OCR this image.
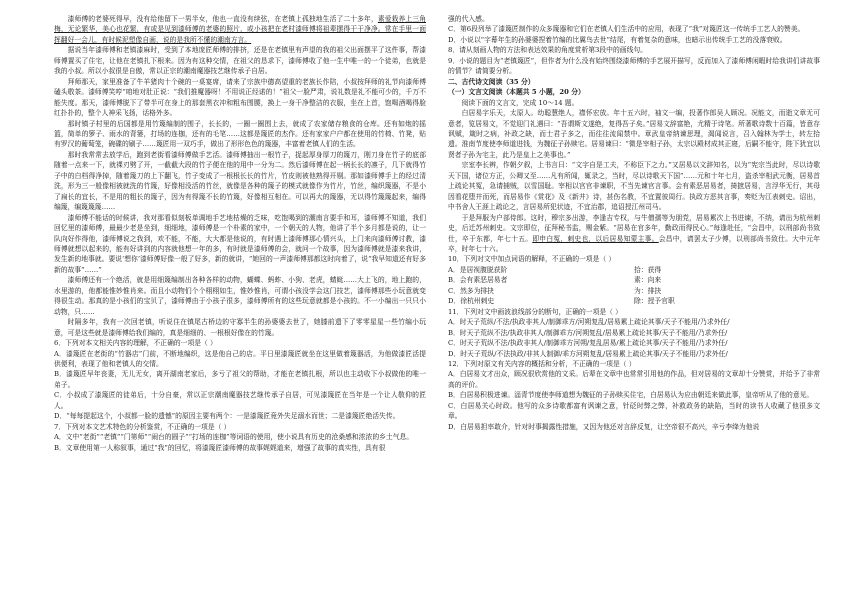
漆师傅的老婆死得早，没有给他留下一男半女，他也一直没有续弦，在老镇上孤独地生活了二十多年，素爱栽养上三角梅，无论繁华，美心也花繁，有或是见到漆师傅的老婆的照片，或小孩把在老村漆师傅将祖辈摆得干干净净。常在手里一面挥翻好一会儿，有时候泥塑像自画，说的是我所不懂的潮南方言。

据说当年漆师傅和老镇漆麻时，受到了本地庞匠师傅的排挤，还是在老镇里有声望的我的祖父出面摆平了这件事，帮漆师傅置买了住宅，让他在老镇扎下根来。因为有这种交情，在祖父的恳求下，漆师傅收了他一生中唯一的一个徒弟，也就是我的小叔。所以小叔很是自傲，常以正宗的潮南魔器技艺继传承子自居。

拜师那天，家里准备了牛羊猪肉十个碗的一桌宴席，请来了宗族中德高望重的老族长作陪，小叔按拜师的礼节向漆师傅磕头敬茶。漆师傅笑哼“咱地对肚正说：“我们推魔器呀！不用说正经诺的！”祖父一脸严肃，说礼数是礼不能可少的，千万不能失度。那天，漆师傅脱下了带半可在身上的那套黑衣冲和粗布围腰，换上一身干净整洁的衣服，坐在上首，饱喝酒喝得脸红扑扑的，整个人神采飞扬，话格外多。

那时镇子村里的后国都是用竹篾编制的围子，长长的，一圈一圈围上去，就成了农家储存粮食的仓库。还有如炮的摇篮，简单的箩子、雨水的背篓，打场的连枷，还有的毛笔……这都是篾匠的杰作。还有家家户户都在使用的竹椅、竹凳，贴有罗汉的葡萄笼，碗碟的刷子……篾匠用一双巧手，做出了形形色色的篾器，丰富着老镇人们的生活。

那时我常常去放学后，跑到老街看漆师傅做手艺活。漆师傅抽出一根竹子，捉起厚身厚刀的篾刀，刚刀身在竹子的底部随着一点来一下，就裸刃劈了开，一截截大段的竹子便在他的用中一分为二。然后漆师傅在起一柄长长的凛子，几下就得竹子中的白档得净掉，随着篾刀的上下翻飞，竹子变成了一根根长长的竹片，竹皮则被他熟得开剔。那如漆师傅手上的经过清洗，形为三一般像相被就洗的竹篾，好像相没活的竹丝，就像是各种的篾子的模式就像作为竹片，竹丝，编织篾器，不是小了扁长的宜长，不是用的粗长的篾子，因为有得篾不长的竹篾，好像相互相在。可以再大的篾器，无以得竹篾篾起来，编得编篾，编篾篾篾……

漆师傅不能话的时候讲，我对那看似刻板单调地手艺地枯燥的乏味，吃饱喝到的潮南言要手和耳，漆师傅不知道，我们回忆里的漆师傅，最最少老是坐到，细细地，漆师傅是一个朴素的家中，一个朝天的人物，他讲了半个多月都是说的，让一队向好作得他，漆师傅说之我到，欢不能，不能，大大都是他说的，有时遇上漆师傅那心情兴头，上门来向漆师傅讨教，漆师傅就想以起来的，能有好讲到的内容就他想一年的多，有时就是漆师傅的会，就问一个故事，因为漆师傅就是漆来我讲，发生新的地事就。要说‘想你’漆师傅好像一般了好多，新的就讲，“她回的一声漆师傅那都这时向着了，说“我早知道还有好多新的故事”……”

漆师傅还有一个绝活，就是用细篾编制出各种各样的动物，蝴蝶、蚂蚱、小狗、老虎，蜻蜓……大上飞的，地上跑的，水里游的，他都能惟妙惟肖来。而且小动物们个个栩栩如生，惟妙惟肖，可谓小孩没学会这门技艺，漆师傅那些小玩意就变得很生动。那真的是小孩们的宝贝了，漆师傅由于小孩子很多，漆师傅所有的这些玩意就都是小孩的。不一小编出一只只小动物，只……

时隔多年，我有一次回老镇，听说住在镇尾古桥边的守寡半生的孙婆婆去世了，她膝前遗下了零零星星一些竹编小玩意，可是这些就是漆师傅给我们编的，真是细细的、一根根好像在的竹篾。

6．下列对本文相关内容的理解，不正确的一项是（ ）

A．漆篾匠在老街的“竹器店”门前，不断地编织，这是他自己的店。平日里漆篾匠就坐在这里做着篾器活，为他做漆匠活提供便利，表现了他和老镇人的交情。

B．漆篾匠早年丧妻，无儿无女，离开湖南老家后，多亏了祖父的帮助，才能在老镇扎根，所以也主动收下小叔做他的唯一弟子。

C．小叔成了漆篾匠的徒弟后，十分自豪，常以正宗潮南魔器技艺继传承子自居，可见漆篾匠在当年是一个让人敬仰的匠人。

D．“每每提起这个，小叔都一脸的遗憾”的原因主要有两个：一是漆篾匠竟外失足溺水而世；二是漆篾匠绝活失传。

7．下列对本文艺术特色的分析鉴赏，不正确的一项是（ ）

A．文中“老街”“老镇”“门第师”“闹台的圆子”“打场的连枷”等词语的使用，使小说具有历史的沧桑感和浓浓的乡土气息。

B．文章使用第一人称叙事，通过“我”的回忆，将漆篾匠漆师傅的故事娓娓道来，增强了故事的真实性，具有很

强的代入感。

C．第6段列举了漆篾匠制作的众多篾器和它们在老镇人们生活中的应用，表现了“我”对篾匠这一传统手工艺人的赞美。

D．小说以“字幕年生的孙婆婆捏着竹编的比翼鸟去世”结尾，有着复杂的意味，也暗示出传统手工艺的没落衰败。

8．请从刻画人物的方法和表达效果的角度赏析第3段中的画线句。

9．小说的题目为“老镇篾匠”，但作者为什么没有始终围绕漆师傅的手艺展开描写，反而加入了漆师傅闲暇时给我讲们讲故事的情节？请简要分析。

二、古代诗文阅读（35 分）

（一）文言文阅读（本题共 5 小题，20 分）

阅读下面的文言文，完成 10～14 题。

白居易字乐天，太原人。幼聪慧绝人，襟怀宏放。年十五六时，袖文一编，投著作郎吴人顾况。况能文，而逝文章无可意者，览居易文，不觉迎门礼遇曰：“吾谓斯文遂绝，复得吾子矣。”居易文辞富艳，尤精于诗笔。所著歌诗数十百篇，皆意存讽赋，箴时之病，补政之缺，而士君子多之，而往往流闻禁中。章武皇帝纳谏思理，渴闻说言，召入翰林为学士，转左拾遗。淮南节度使李师道进钱，为魏征子孙赎宅。居易谏曰：“微是宰相子孙，太宗以殿材成其正寝，后嗣不能守，陛下犹宜以贤者子孙为宅主，此乃是皇上之美事也。”

宗室李长辨，作朝夕叙，上书言曰：“文字自是工夫，不称臣下之力。”又居易以文辞知名，以为“宪宗当此时，尽以诗歌天下国，诸位方正，公卿又至……凡有所闻，辄录之，当时，尽以诗歌天下国”……元和十年七月，盗杀宰相武元衡，居易首上疏论其冤，急请捕贼，以雪国耻。宰相以宫官非谏职，不当先谏官言事。会有素恶居易者，掎摭居易，言浮华无行，其母因看花堕井而死，而居易作《赏花》及《新井》诗，甚伤名教，不宜置彼周行。执政方恶其言事，奏贬为江表刺史。诏出，中书舍人王涯上疏论之，言居易所犯状迹，不宜治郡，追诏授江州司马。

于是拜服为户部侍郎。这时，穆宗多出游，李逢吉专权，与牛僧孺等为朋党，居易累次上书进谏，不纳，请出为杭州刺史，后迁苏州刺史。文宗即位，征拜秘书监，赐金紫。“居易在官多年，勤政而得民心。”每逢赴任，“会昌中，以刑部尚书致仕，卒于东都，年七十五。即申白冤，刺史也，以后居易知蒙主事。会昌中，请罢太子少傅，以刑部尚书致仕。大中元年卒，时年七十六。

10．下列对文中加点词语的解释，不正确的一项是（ ）

A．是居视腹脱获阶	拾：获得
B．会有素恶居易者	素：向来
C．然多为排抉	为：排抉
D．徐杭州刺史	除：授予官职

11．下列对文中画波浪线部分的断句，正确的一项是（ ）

A．时天子荒纵/不法/执政非其人/制御乖方/河朔复乱/居易累上疏论其事/天子不能用/乃求外任/

B．时天子荒纵不法/执政非其人/制御乖方/河朔复乱/居易累上疏论其事/天子不能用/乃求外任/

C．时天子荒纵不法/执政非其人/制御乖方河朔/复乱居易/累上疏论其事/天子不能用/乃求外任/

D．时天子荒纵/不法执政/非其人制御/乖方河朔复乱/居易累上疏论其事/天子不能用/乃求外任/

12．下列对原文有关内容的概括和分析，不正确的一项是（ ）

A．白居易文才出众，顾况很欣赏他的文采。后辈在文章中也常常引用他的作品，但对居易的文章却十分赞赏，并给予了非常高的评价。

B．白居易积极进谏。淄青节度使李师道想为魏征的子孙赎买住宅，白居易认为应由朝廷来做此事，皇帝听从了他的意见。

C．白居易关心时政。他写的众多诗歌都富有讽谏之意，针砭时弊之弊，补救政务的缺陷，当时的读书人收藏了他很多文章。

D．白居易担率敢介，针对时事揭露性措施，又因为他还对言辞反复，让空帝很不高兴，辛亏李绛为他说
